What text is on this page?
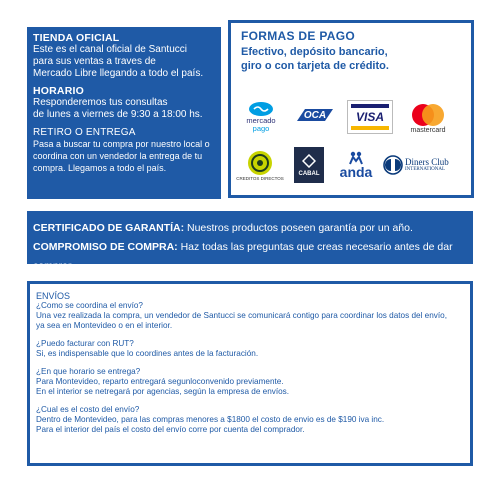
TIENDA OFICIAL
Este es el canal oficial de Santucci
para sus ventas a traves de
Mercado Libre llegando a todo el país.
HORARIO
Responderemos tus consultas
de lunes a viernes de 9:30 a 18:00 hs.
RETIRO O ENTREGA
Pasa a buscar tu compra por nuestro local o
coordina con un vendedor la entrega de tu
compra. Llegamos a todo el país.
FORMAS DE PAGO
Efectivo, depósito bancario,
giro o con tarjeta de crédito.
mercado
pago
OCA VISA
mastercard
CREDITOS DIRECTOS
CABAL anda
Diners Club
INTERNATIONAL
CERTIFICADO DE GARANTÍA: Nuestros productos poseen garantía por un año.
COMPROMISO DE COMPRA: Haz todas las preguntas que creas necesario antes de dar comprar.
ENVÍOS
¿Como se coordina el envío?
Una vez realizada la compra, un vendedor de Santucci se comunicará contigo para coordinar los datos del envío,
ya sea en Montevideo o en el interior.
¿Puedo facturar con RUT?
Si, es indispensable que lo coordines antes de la facturación.
¿En que horario se entrega?
Para Montevideo, reparto entregará segunloconvenido previamente.
En el interior se netregará por agencias, según la empresa de envíos.
¿Cual es el costo del envío?
Dentro de Montevideo, para las compras menores a $1800 el costo de envio es de $190 iva inc.
Para el interior del país el costo del envío corre por cuenta del comprador.
